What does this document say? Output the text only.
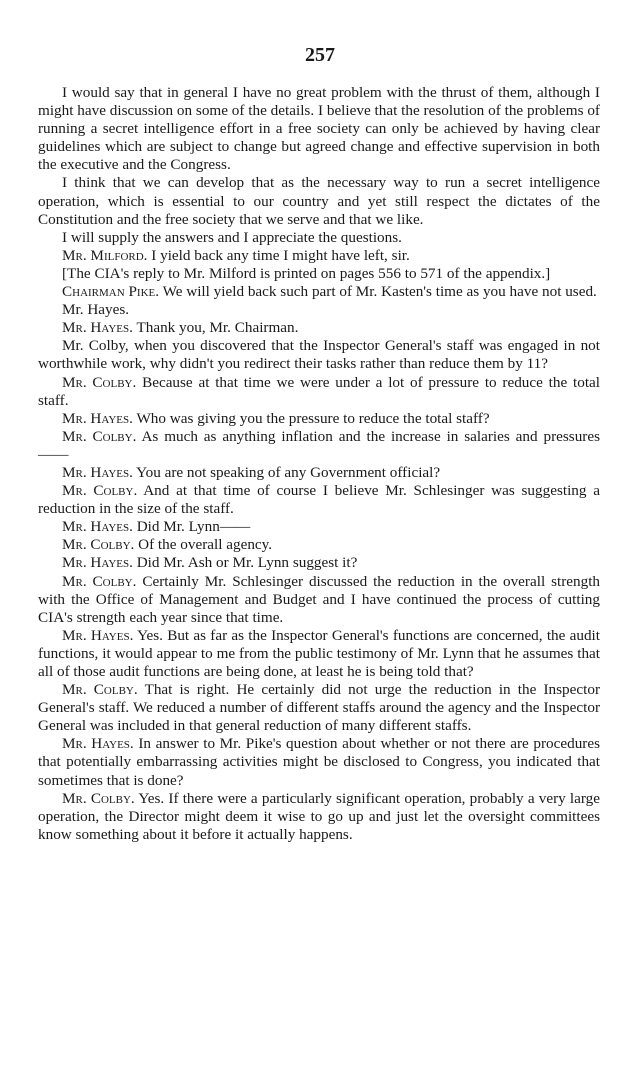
257

I would say that in general I have no great problem with the thrust of them, although I might have discussion on some of the details. I believe that the resolution of the problems of running a secret intelligence effort in a free society can only be achieved by having clear guidelines which are subject to change but agreed change and effective supervision in both the executive and the Congress.

I think that we can develop that as the necessary way to run a secret intelligence operation, which is essential to our country and yet still respect the dictates of the Constitution and the free society that we serve and that we like.

I will supply the answers and I appreciate the questions.

Mr. Milford. I yield back any time I might have left, sir.

[The CIA's reply to Mr. Milford is printed on pages 556 to 571 of the appendix.]

Chairman Pike. We will yield back such part of Mr. Kasten's time as you have not used.

Mr. Hayes.

Mr. Hayes. Thank you, Mr. Chairman.

Mr. Colby, when you discovered that the Inspector General's staff was engaged in not worthwhile work, why didn't you redirect their tasks rather than reduce them by 11?

Mr. Colby. Because at that time we were under a lot of pressure to reduce the total staff.

Mr. Hayes. Who was giving you the pressure to reduce the total staff?

Mr. Colby. As much as anything inflation and the increase in salaries and pressures——

Mr. Hayes. You are not speaking of any Government official?

Mr. Colby. And at that time of course I believe Mr. Schlesinger was suggesting a reduction in the size of the staff.

Mr. Hayes. Did Mr. Lynn——

Mr. Colby. Of the overall agency.

Mr. Hayes. Did Mr. Ash or Mr. Lynn suggest it?

Mr. Colby. Certainly Mr. Schlesinger discussed the reduction in the overall strength with the Office of Management and Budget and I have continued the process of cutting CIA's strength each year since that time.

Mr. Hayes. Yes. But as far as the Inspector General's functions are concerned, the audit functions, it would appear to me from the public testimony of Mr. Lynn that he assumes that all of those audit functions are being done, at least he is being told that?

Mr. Colby. That is right. He certainly did not urge the reduction in the Inspector General's staff. We reduced a number of different staffs around the agency and the Inspector General was included in that general reduction of many different staffs.

Mr. Hayes. In answer to Mr. Pike's question about whether or not there are procedures that potentially embarrassing activities might be disclosed to Congress, you indicated that sometimes that is done?

Mr. Colby. Yes. If there were a particularly significant operation, probably a very large operation, the Director might deem it wise to go up and just let the oversight committees know something about it before it actually happens.
